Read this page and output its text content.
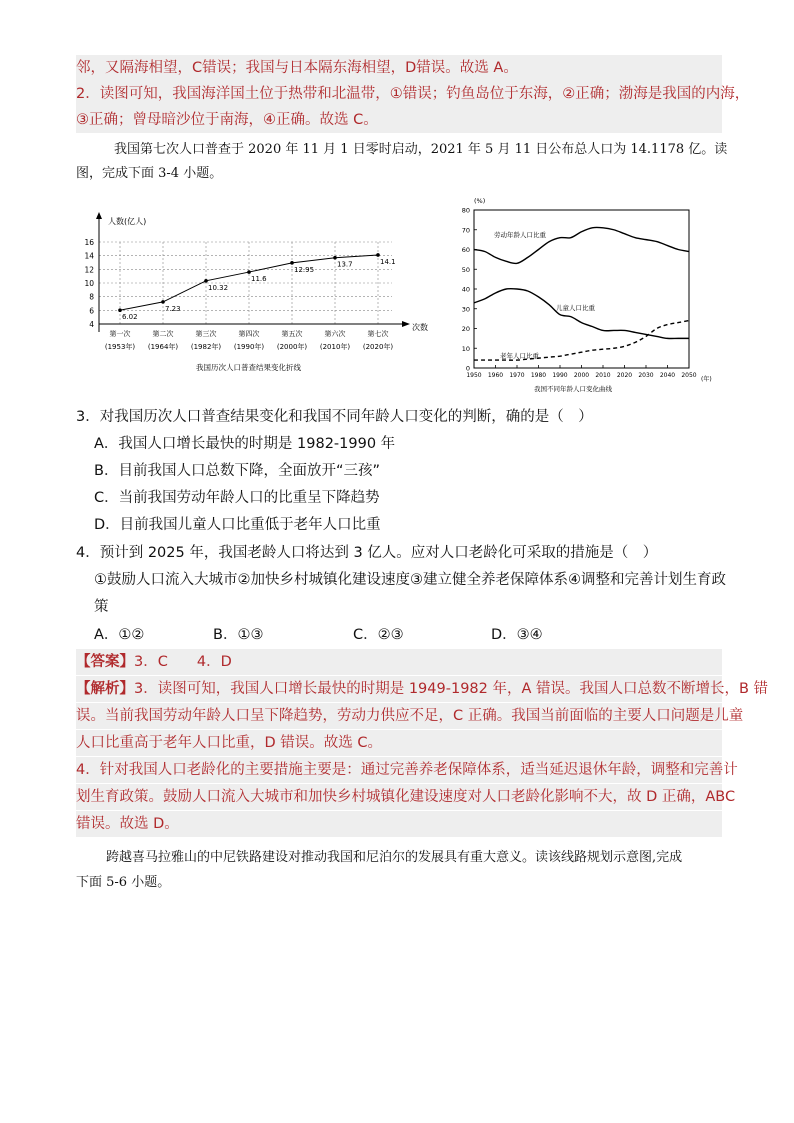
邻，又隔海相望，C错误；我国与日本隔东海相望，D错误。故选 A。
2．读图可知，我国海洋国土位于热带和北温带，①错误；钓鱼岛位于东海，②正确；渤海是我国的内海，
③正确；曾母暗沙位于南海，④正确。故选 C。
我国第七次人口普查于 2020 年 11 月 1 日零时启动，2021 年 5 月 11 日公布总人口为 14.1178 亿。读
图，完成下面 3-4 小题。
人数(亿人)
次数
4
6
8
10
12
14
16
第一次
(1953年)
第二次
(1964年)
第三次
(1982年)
第四次
(1990年)
第五次
(2000年)
第六次
(2010年)
第七次
(2020年)
6.02
7.23
10.32
11.6
12.95
13.7	14.1
我国历次人口普查结果变化折线
(%)
0
10
20
30
40
50
60
70
80
1950 1960 1970 1980 1990 2000 2010 2020 2030 2040 2050
(年)
劳动年龄人口比重
儿童人口比重
老年人口比重
我国不同年龄人口变化曲线
3．对我国历次人口普查结果变化和我国不同年龄人口变化的判断，确的是（　）
A．我国人口增长最快的时期是 1982-1990 年
B．目前我国人口总数下降，全面放开“三孩”
C．当前我国劳动年龄人口的比重呈下降趋势
D．目前我国儿童人口比重低于老年人口比重
4．预计到 2025 年，我国老龄人口将达到 3 亿人。应对人口老龄化可采取的措施是（　）
①鼓励人口流入大城市②加快乡村城镇化建设速度③建立健全养老保障体系④调整和完善计划生育政
策
A．①②	B．①③	C．②③	D．③④
【答案】3．C　　4．D
【解析】3．读图可知，我国人口增长最快的时期是 1949-1982 年，A 错误。我国人口总数不断增长，B 错
误。当前我国劳动年龄人口呈下降趋势，劳动力供应不足，C 正确。我国当前面临的主要人口问题是儿童
人口比重高于老年人口比重，D 错误。故选 C。
4．针对我国人口老龄化的主要措施主要是：通过完善养老保障体系，适当延迟退休年龄，调整和完善计
划生育政策。鼓励人口流入大城市和加快乡村城镇化建设速度对人口老龄化影响不大，故 D 正确，ABC
错误。故选 D。
跨越喜马拉雅山的中尼铁路建设对推动我国和尼泊尔的发展具有重大意义。读该线路规划示意图,完成
下面 5-6 小题。
